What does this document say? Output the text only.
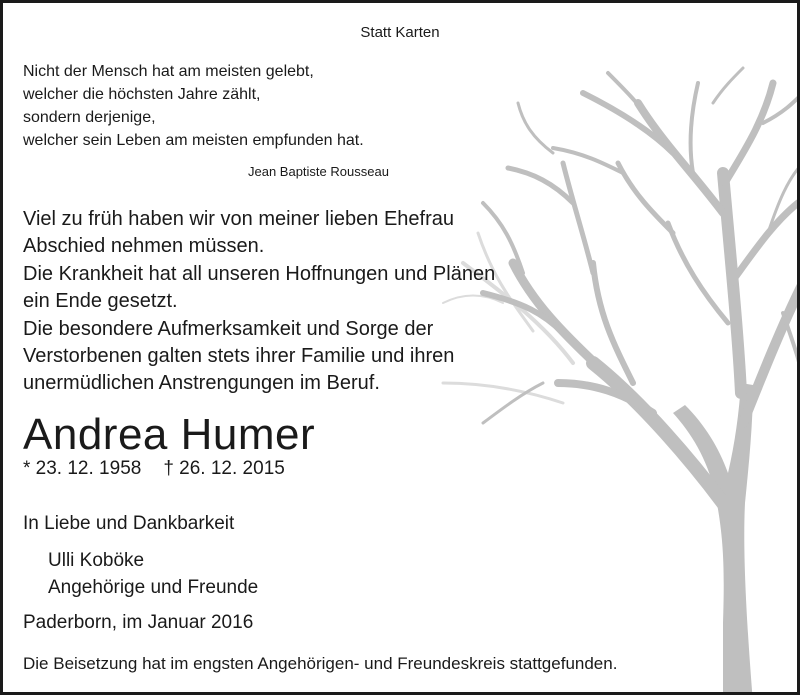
Statt Karten
Nicht der Mensch hat am meisten gelebt,
welcher die höchsten Jahre zählt,
sondern derjenige,
welcher sein Leben am meisten empfunden hat.
Jean Baptiste Rousseau
Viel zu früh haben wir von meiner lieben Ehefrau
Abschied nehmen müssen.
Die Krankheit hat all unseren Hoffnungen und Plänen
ein Ende gesetzt.
Die besondere Aufmerksamkeit und Sorge der
Verstorbenen galten stets ihrer Familie und ihren
unermüdlichen Anstrengungen im Beruf.
Andrea Humer
* 23. 12. 1958 † 26. 12. 2015
In Liebe und Dankbarkeit
Ulli Koböke
Angehörige und Freunde
Paderborn, im Januar 2016
Die Beisetzung hat im engsten Angehörigen- und Freundeskreis stattgefunden.
